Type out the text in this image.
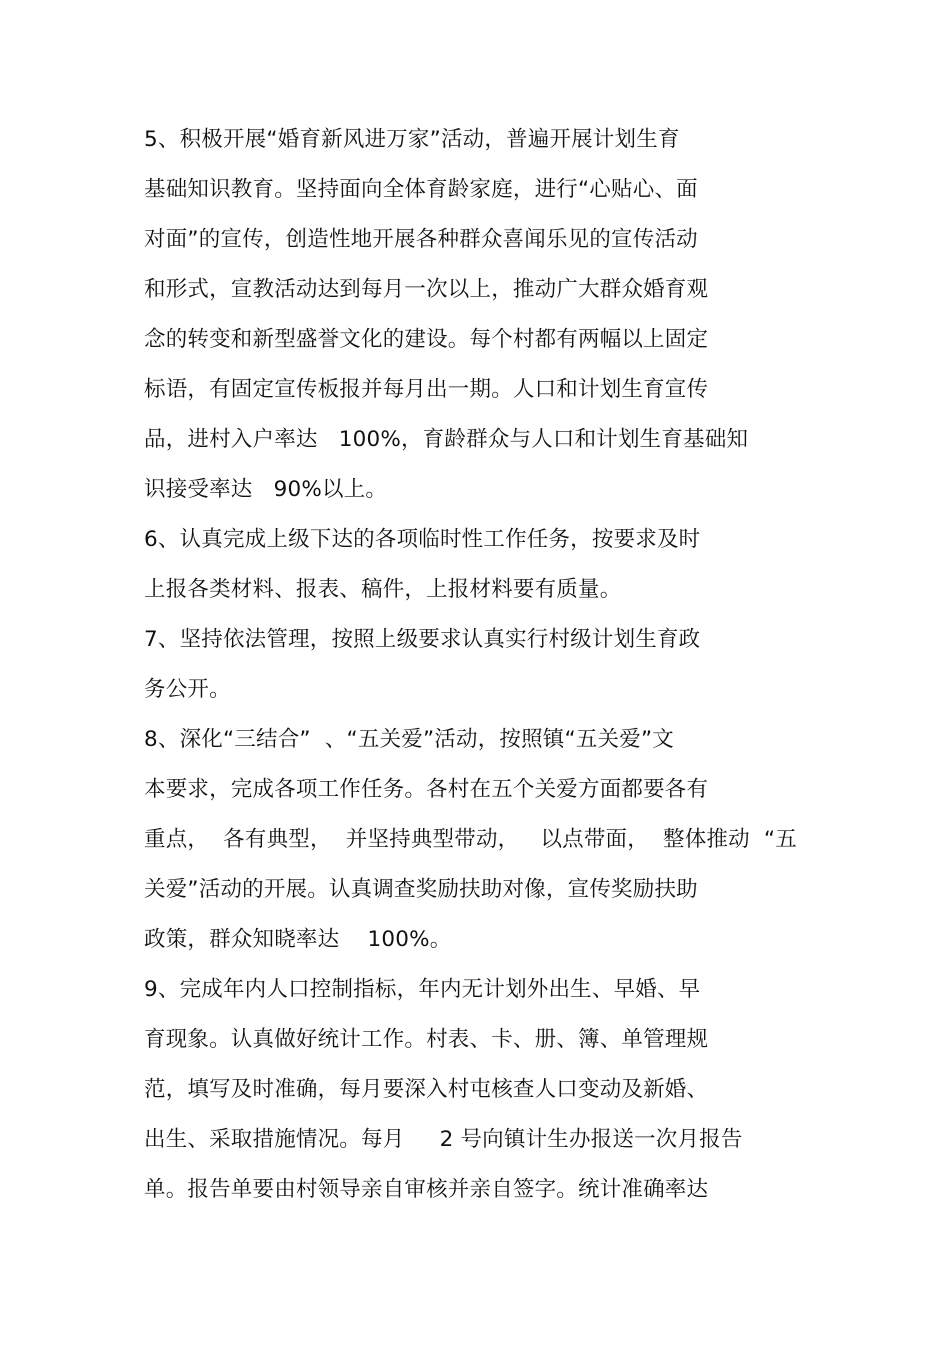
5、积极开展“婚育新风进万家”活动，普遍开展计划生育
基础知识教育。坚持面向全体育龄家庭，进行“心贴心、面
对面”的宣传，创造性地开展各种群众喜闻乐见的宣传活动
和形式，宣教活动达到每月一次以上，推动广大群众婚育观
念的转变和新型盛誉文化的建设。每个村都有两幅以上固定
标语，有固定宣传板报并每月出一期。人口和计划生育宣传
品，进村入户率达   100%，育龄群众与人口和计划生育基础知
识接受率达   90%以上。
6、认真完成上级下达的各项临时性工作任务，按要求及时
上报各类材料、报表、稿件，上报材料要有质量。
7、坚持依法管理，按照上级要求认真实行村级计划生育政
务公开。
8、深化“三结合”  、“五关爱”活动，按照镇“五关爱”文
本要求，完成各项工作任务。各村在五个关爱方面都要各有
重点，  各有典型，  并坚持典型带动，   以点带面，  整体推动  “五
关爱”活动的开展。认真调查奖励扶助对像，宣传奖励扶助
政策，群众知晓率达    100%。
9、完成年内人口控制指标，年内无计划外出生、早婚、早
育现象。认真做好统计工作。村表、卡、册、簿、单管理规
范，填写及时准确，每月要深入村屯核查人口变动及新婚、
出生、采取措施情况。每月     2 号向镇计生办报送一次月报告
单。报告单要由村领导亲自审核并亲自签字。统计准确率达
